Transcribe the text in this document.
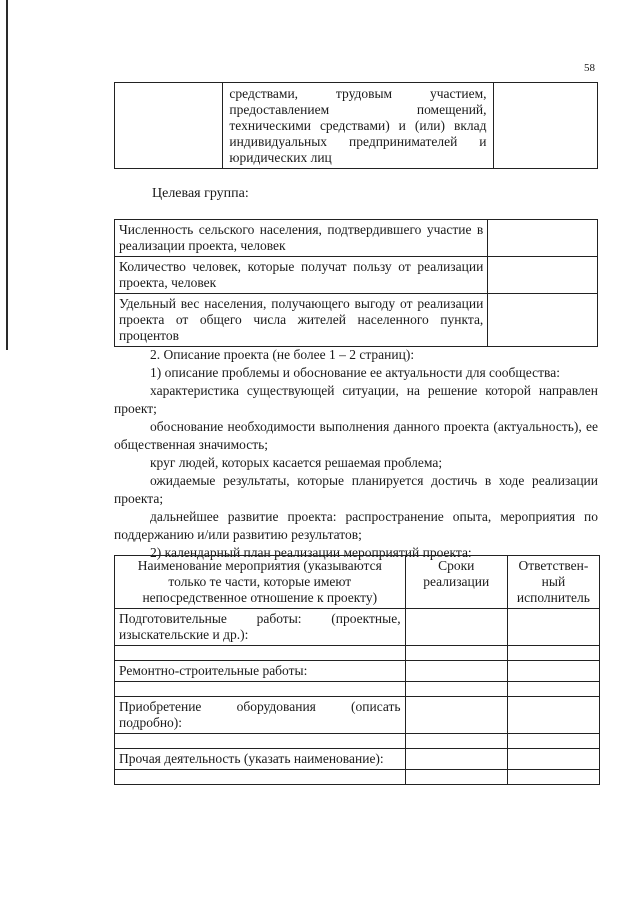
58
	средствами, трудовым участием, предоставлением помещений, техническими средствами) и (или) вклад индивидуальных предпринимателей и юридических лиц	
Целевая группа:
Численность сельского населения, подтвердившего участие в реализации проекта, человек	
Количество человек, которые получат пользу от реализации проекта, человек	
Удельный вес населения, получающего выгоду от реализации проекта от общего числа жителей населенного пункта, процентов	

2. Описание проекта (не более 1 – 2 страниц):

1) описание проблемы и обоснование ее актуальности для сообщества:

характеристика существующей ситуации, на решение которой направлен проект;

обоснование необходимости выполнения данного проекта (актуальность), ее общественная значимость;

круг людей, которых касается решаемая проблема;

ожидаемые результаты, которые планируется достичь в ходе реализации проекта;

дальнейшее развитие проекта: распространение опыта, мероприятия по поддержанию и/или развитию результатов;

2) календарный план реализации мероприятий проекта:

Наименование мероприятия (указываются только те части, которые имеют непосредственное отношение к проекту)	Сроки реализации	Ответствен-ный исполнитель
Подготовительные работы: (проектные, изыскательские и др.):		

Ремонтно-строительные работы:		

Приобретение оборудования (описать подробно):		

Прочая деятельность (указать наименование):		
